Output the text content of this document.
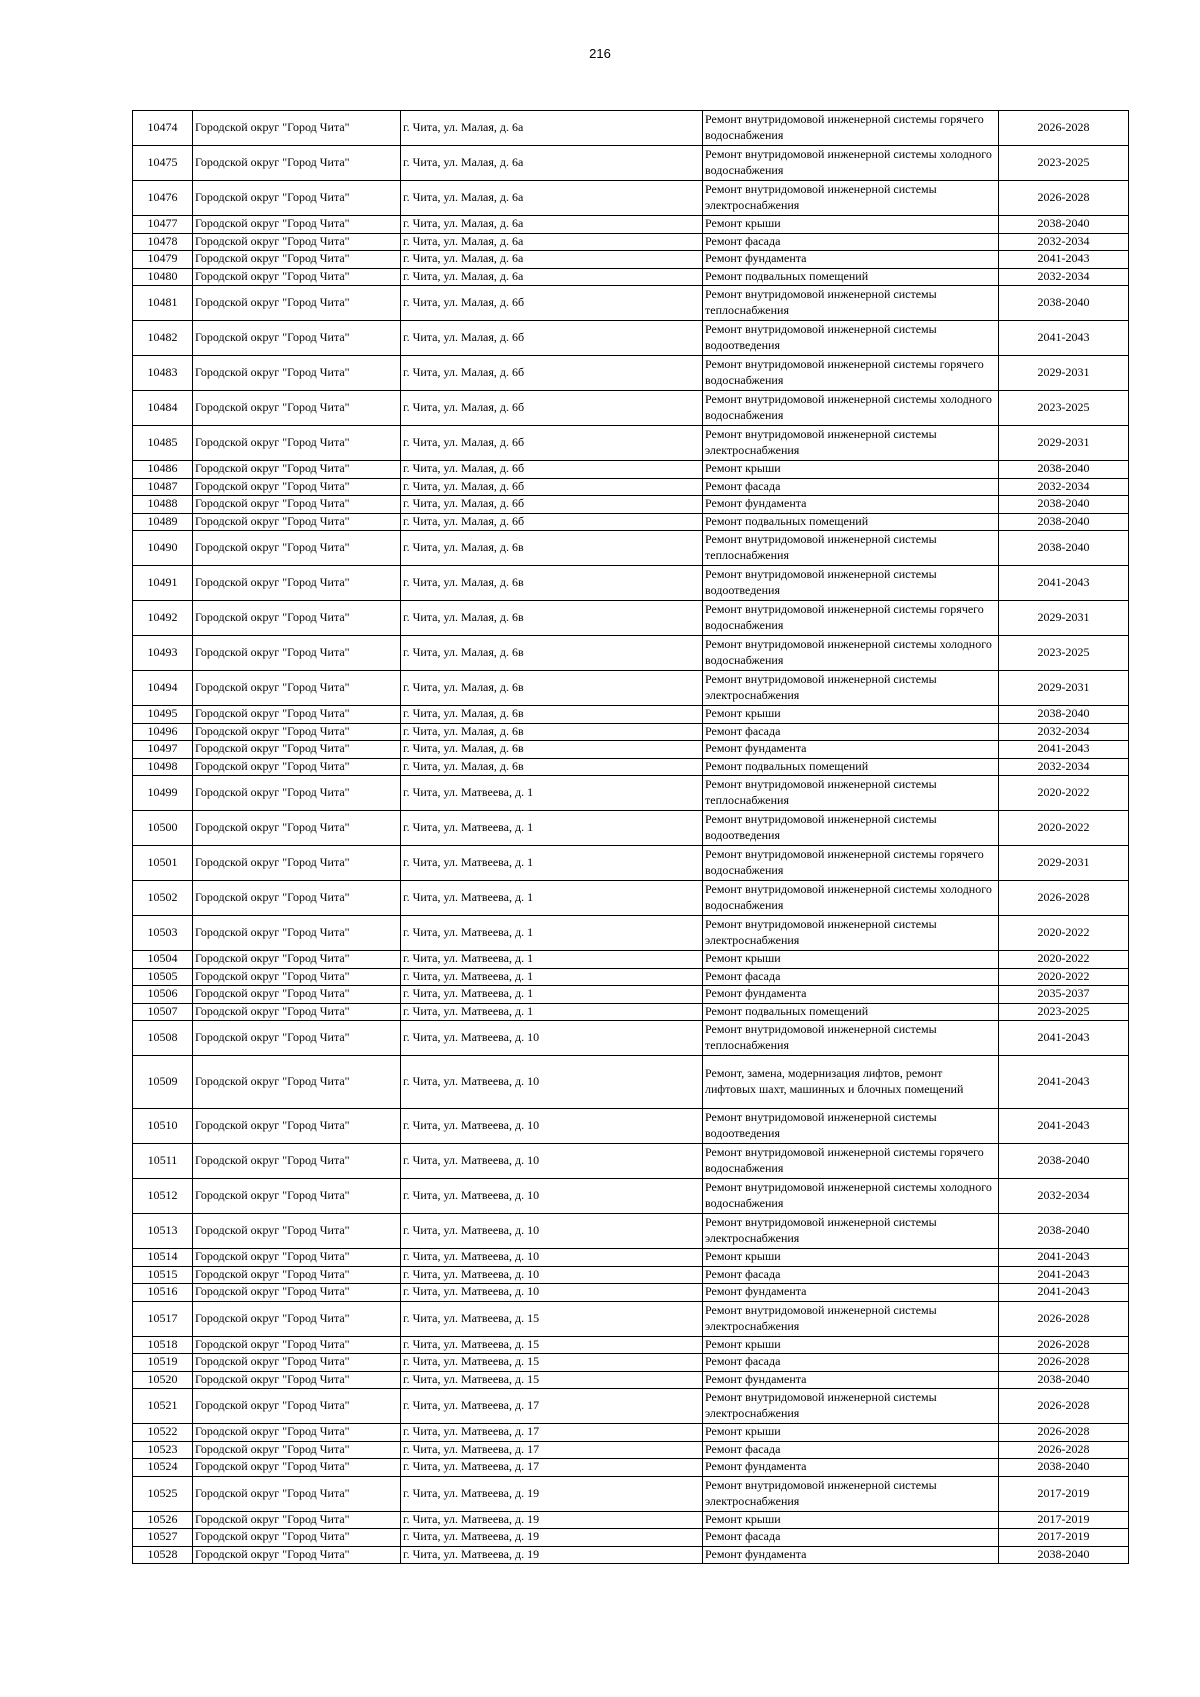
216
10474	Городской округ "Город Чита"	г. Чита, ул. Малая, д. 6а	Ремонт внутридомовой инженерной системы горячего водоснабжения	2026-2028
10475	Городской округ "Город Чита"	г. Чита, ул. Малая, д. 6а	Ремонт внутридомовой инженерной системы холодного водоснабжения	2023-2025
10476	Городской округ "Город Чита"	г. Чита, ул. Малая, д. 6а	Ремонт внутридомовой инженерной системы электроснабжения	2026-2028
10477	Городской округ "Город Чита"	г. Чита, ул. Малая, д. 6а	Ремонт крыши	2038-2040
10478	Городской округ "Город Чита"	г. Чита, ул. Малая, д. 6а	Ремонт фасада	2032-2034
10479	Городской округ "Город Чита"	г. Чита, ул. Малая, д. 6а	Ремонт фундамента	2041-2043
10480	Городской округ "Город Чита"	г. Чита, ул. Малая, д. 6а	Ремонт подвальных помещений	2032-2034
10481	Городской округ "Город Чита"	г. Чита, ул. Малая, д. 6б	Ремонт внутридомовой инженерной системы теплоснабжения	2038-2040
10482	Городской округ "Город Чита"	г. Чита, ул. Малая, д. 6б	Ремонт внутридомовой инженерной системы водоотведения	2041-2043
10483	Городской округ "Город Чита"	г. Чита, ул. Малая, д. 6б	Ремонт внутридомовой инженерной системы горячего водоснабжения	2029-2031
10484	Городской округ "Город Чита"	г. Чита, ул. Малая, д. 6б	Ремонт внутридомовой инженерной системы холодного водоснабжения	2023-2025
10485	Городской округ "Город Чита"	г. Чита, ул. Малая, д. 6б	Ремонт внутридомовой инженерной системы электроснабжения	2029-2031
10486	Городской округ "Город Чита"	г. Чита, ул. Малая, д. 6б	Ремонт крыши	2038-2040
10487	Городской округ "Город Чита"	г. Чита, ул. Малая, д. 6б	Ремонт фасада	2032-2034
10488	Городской округ "Город Чита"	г. Чита, ул. Малая, д. 6б	Ремонт фундамента	2038-2040
10489	Городской округ "Город Чита"	г. Чита, ул. Малая, д. 6б	Ремонт подвальных помещений	2038-2040
10490	Городской округ "Город Чита"	г. Чита, ул. Малая, д. 6в	Ремонт внутридомовой инженерной системы теплоснабжения	2038-2040
10491	Городской округ "Город Чита"	г. Чита, ул. Малая, д. 6в	Ремонт внутридомовой инженерной системы водоотведения	2041-2043
10492	Городской округ "Город Чита"	г. Чита, ул. Малая, д. 6в	Ремонт внутридомовой инженерной системы горячего водоснабжения	2029-2031
10493	Городской округ "Город Чита"	г. Чита, ул. Малая, д. 6в	Ремонт внутридомовой инженерной системы холодного водоснабжения	2023-2025
10494	Городской округ "Город Чита"	г. Чита, ул. Малая, д. 6в	Ремонт внутридомовой инженерной системы электроснабжения	2029-2031
10495	Городской округ "Город Чита"	г. Чита, ул. Малая, д. 6в	Ремонт крыши	2038-2040
10496	Городской округ "Город Чита"	г. Чита, ул. Малая, д. 6в	Ремонт фасада	2032-2034
10497	Городской округ "Город Чита"	г. Чита, ул. Малая, д. 6в	Ремонт фундамента	2041-2043
10498	Городской округ "Город Чита"	г. Чита, ул. Малая, д. 6в	Ремонт подвальных помещений	2032-2034
10499	Городской округ "Город Чита"	г. Чита, ул. Матвеева, д. 1	Ремонт внутридомовой инженерной системы теплоснабжения	2020-2022
10500	Городской округ "Город Чита"	г. Чита, ул. Матвеева, д. 1	Ремонт внутридомовой инженерной системы водоотведения	2020-2022
10501	Городской округ "Город Чита"	г. Чита, ул. Матвеева, д. 1	Ремонт внутридомовой инженерной системы горячего водоснабжения	2029-2031
10502	Городской округ "Город Чита"	г. Чита, ул. Матвеева, д. 1	Ремонт внутридомовой инженерной системы холодного водоснабжения	2026-2028
10503	Городской округ "Город Чита"	г. Чита, ул. Матвеева, д. 1	Ремонт внутридомовой инженерной системы электроснабжения	2020-2022
10504	Городской округ "Город Чита"	г. Чита, ул. Матвеева, д. 1	Ремонт крыши	2020-2022
10505	Городской округ "Город Чита"	г. Чита, ул. Матвеева, д. 1	Ремонт фасада	2020-2022
10506	Городской округ "Город Чита"	г. Чита, ул. Матвеева, д. 1	Ремонт фундамента	2035-2037
10507	Городской округ "Город Чита"	г. Чита, ул. Матвеева, д. 1	Ремонт подвальных помещений	2023-2025
10508	Городской округ "Город Чита"	г. Чита, ул. Матвеева, д. 10	Ремонт внутридомовой инженерной системы теплоснабжения	2041-2043
10509	Городской округ "Город Чита"	г. Чита, ул. Матвеева, д. 10	Ремонт, замена, модернизация лифтов, ремонт лифтовых шахт, машинных и блочных помещений	2041-2043
10510	Городской округ "Город Чита"	г. Чита, ул. Матвеева, д. 10	Ремонт внутридомовой инженерной системы водоотведения	2041-2043
10511	Городской округ "Город Чита"	г. Чита, ул. Матвеева, д. 10	Ремонт внутридомовой инженерной системы горячего водоснабжения	2038-2040
10512	Городской округ "Город Чита"	г. Чита, ул. Матвеева, д. 10	Ремонт внутридомовой инженерной системы холодного водоснабжения	2032-2034
10513	Городской округ "Город Чита"	г. Чита, ул. Матвеева, д. 10	Ремонт внутридомовой инженерной системы электроснабжения	2038-2040
10514	Городской округ "Город Чита"	г. Чита, ул. Матвеева, д. 10	Ремонт крыши	2041-2043
10515	Городской округ "Город Чита"	г. Чита, ул. Матвеева, д. 10	Ремонт фасада	2041-2043
10516	Городской округ "Город Чита"	г. Чита, ул. Матвеева, д. 10	Ремонт фундамента	2041-2043
10517	Городской округ "Город Чита"	г. Чита, ул. Матвеева, д. 15	Ремонт внутридомовой инженерной системы электроснабжения	2026-2028
10518	Городской округ "Город Чита"	г. Чита, ул. Матвеева, д. 15	Ремонт крыши	2026-2028
10519	Городской округ "Город Чита"	г. Чита, ул. Матвеева, д. 15	Ремонт фасада	2026-2028
10520	Городской округ "Город Чита"	г. Чита, ул. Матвеева, д. 15	Ремонт фундамента	2038-2040
10521	Городской округ "Город Чита"	г. Чита, ул. Матвеева, д. 17	Ремонт внутридомовой инженерной системы электроснабжения	2026-2028
10522	Городской округ "Город Чита"	г. Чита, ул. Матвеева, д. 17	Ремонт крыши	2026-2028
10523	Городской округ "Город Чита"	г. Чита, ул. Матвеева, д. 17	Ремонт фасада	2026-2028
10524	Городской округ "Город Чита"	г. Чита, ул. Матвеева, д. 17	Ремонт фундамента	2038-2040
10525	Городской округ "Город Чита"	г. Чита, ул. Матвеева, д. 19	Ремонт внутридомовой инженерной системы электроснабжения	2017-2019
10526	Городской округ "Город Чита"	г. Чита, ул. Матвеева, д. 19	Ремонт крыши	2017-2019
10527	Городской округ "Город Чита"	г. Чита, ул. Матвеева, д. 19	Ремонт фасада	2017-2019
10528	Городской округ "Город Чита"	г. Чита, ул. Матвеева, д. 19	Ремонт фундамента	2038-2040
